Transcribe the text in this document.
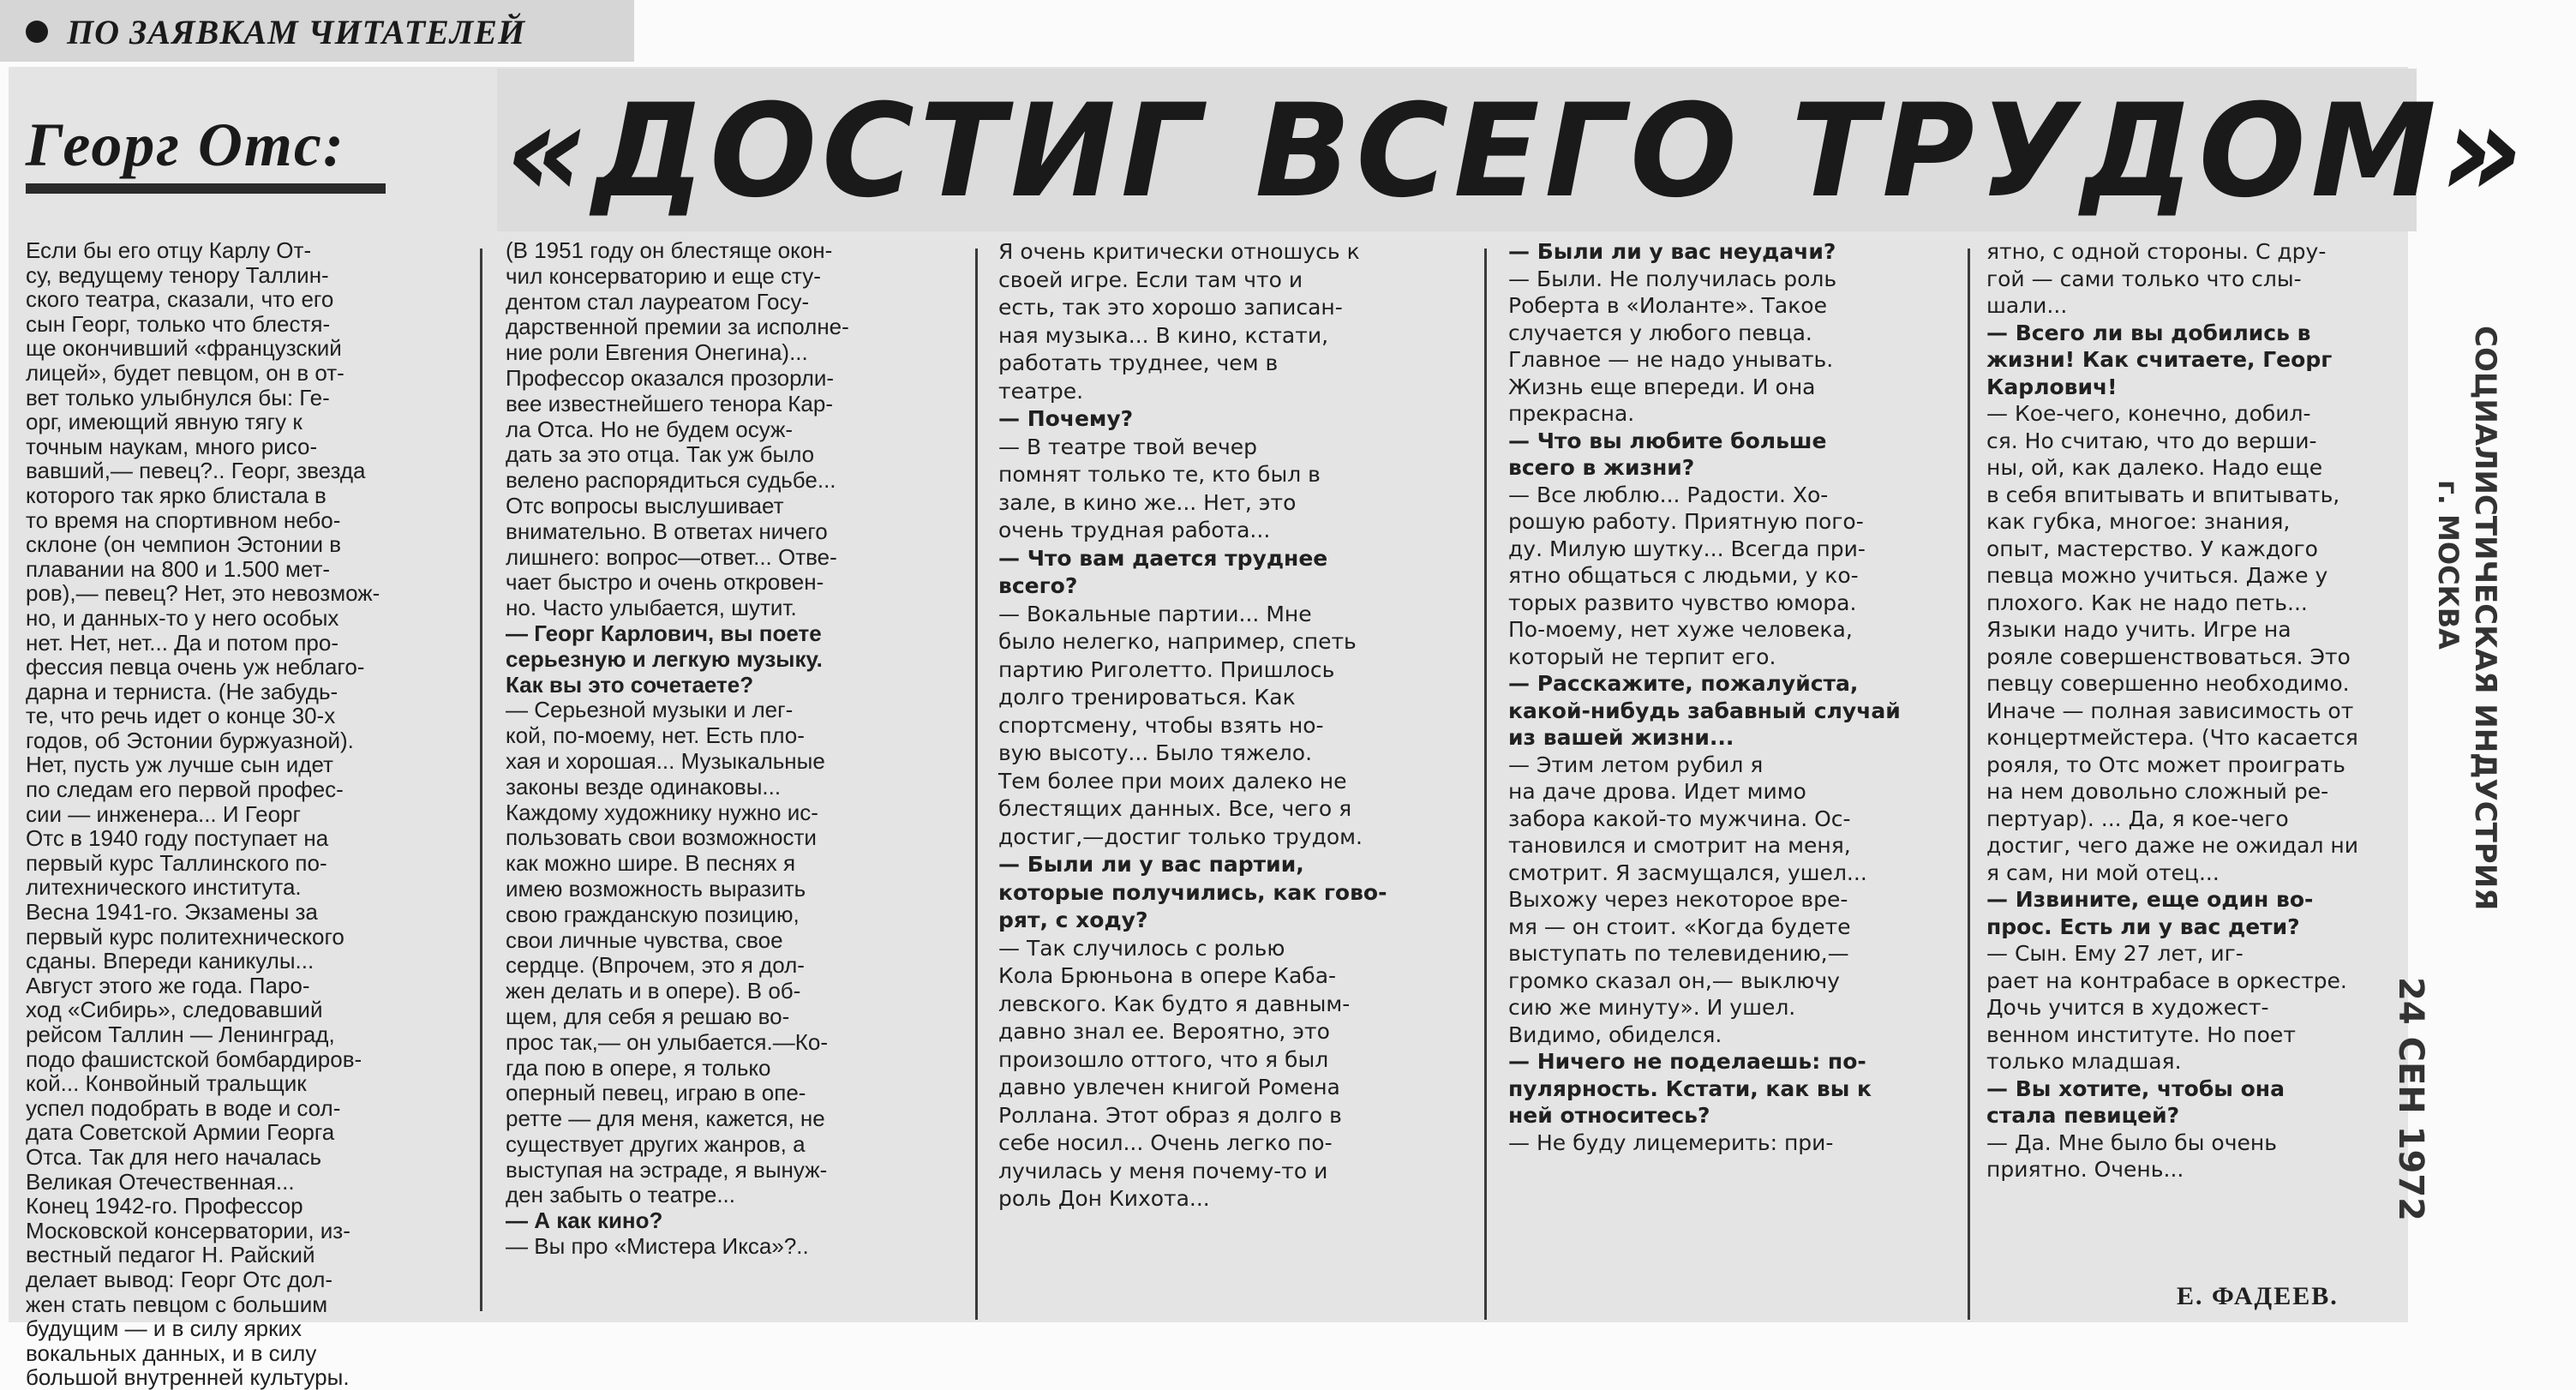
ПО ЗАЯВКАМ ЧИТАТЕЛЕЙ
Георг Отс: «ДОСТИГ ВСЕГО ТРУДОМ»
Если бы его отцу Карлу От-
су, ведущему тенору Таллин-
ского театра, сказали, что его
сын Георг, только что блестя-
ще окончивший «французский
лицей», будет певцом, он в от-
вет только улыбнулся бы: Ге-
орг, имеющий явную тягу к
точным наукам, много рисо-
вавший,— певец?.. Георг, звезда
которого так ярко блистала в
то время на спортивном небо-
склоне (он чемпион Эстонии в
плавании на 800 и 1.500 мет-
ров),— певец? Нет, это невозмож-
но, и данных-то у него особых
нет. Нет, нет... Да и потом про-
фессия певца очень уж неблаго-
дарна и терниста. (Не забудь-
те, что речь идет о конце 30-х
годов, об Эстонии буржуазной).
Нет, пусть уж лучше сын идет
по следам его первой профес-
сии — инженера... И Георг
Отс в 1940 году поступает на
первый курс Таллинского по-
литехнического института.
Весна 1941-го. Экзамены за
первый курс политехнического
сданы. Впереди каникулы...
Август этого же года. Паро-
ход «Сибирь», следовавший
рейсом Таллин — Ленинград,
подо фашистской бомбардиров-
кой... Конвойный тральщик
успел подобрать в воде и сол-
дата Советской Армии Георга
Отса. Так для него началась
Великая Отечественная...
Конец 1942-го. Профессор
Московской консерватории, из-
вестный педагог Н. Райский
делает вывод: Георг Отс дол-
жен стать певцом с большим
будущим — и в силу ярких
вокальных данных, и в силу
большой внутренней культуры.
(В 1951 году он блестяще окон-
чил консерваторию и еще сту-
дентом стал лауреатом Госу-
дарственной премии за исполне-
ние роли Евгения Онегина)...
Профессор оказался прозорли-
вее известнейшего тенора Кар-
ла Отса. Но не будем осуж-
дать за это отца. Так уж было
велено распорядиться судьбе...
Отс вопросы выслушивает
внимательно. В ответах ничего
лишнего: вопрос—ответ... Отве-
чает быстро и очень откровен-
но. Часто улыбается, шутит.
— Георг Карлович, вы поете
серьезную и легкую музыку.
Как вы это сочетаете?
— Серьезной музыки и лег-
кой, по-моему, нет. Есть пло-
хая и хорошая... Музыкальные
законы везде одинаковы...
Каждому художнику нужно ис-
пользовать свои возможности
как можно шире. В песнях я
имею возможность выразить
свою гражданскую позицию,
свои личные чувства, свое
сердце. (Впрочем, это я дол-
жен делать и в опере). В об-
щем, для себя я решаю во-
прос так,— он улыбается.—Ко-
гда пою в опере, я только
оперный певец, играю в опе-
ретте — для меня, кажется, не
существует других жанров, а
выступая на эстраде, я вынуж-
ден забыть о театре...
— А как кино?
— Вы про «Мистера Икса»?..
Я очень критически отношусь к
своей игре. Если там что и
есть, так это хорошо записан-
ная музыка... В кино, кстати,
работать труднее, чем в
театре.
— Почему?
— В театре твой вечер
помнят только те, кто был в
зале, в кино же... Нет, это
очень трудная работа...
— Что вам дается труднее
всего?
— Вокальные партии... Мне
было нелегко, например, спеть
партию Риголетто. Пришлось
долго тренироваться. Как
спортсмену, чтобы взять но-
вую высоту... Было тяжело.
Тем более при моих далеко не
блестящих данных. Все, чего я
достиг,—достиг только трудом.
— Были ли у вас партии,
которые получились, как гово-
рят, с ходу?
— Так случилось с ролью
Кола Брюньона в опере Каба-
левского. Как будто я давным-
давно знал ее. Вероятно, это
произошло оттого, что я был
давно увлечен книгой Ромена
Роллана. Этот образ я долго в
себе носил... Очень легко по-
лучилась у меня почему-то и
роль Дон Кихота...
— Были ли у вас неудачи?
— Были. Не получилась роль
Роберта в «Иоланте». Такое
случается у любого певца.
Главное — не надо унывать.
Жизнь еще впереди. И она
прекрасна.
— Что вы любите больше
всего в жизни?
— Все люблю... Радости. Хо-
рошую работу. Приятную пого-
ду. Милую шутку... Всегда при-
ятно общаться с людьми, у ко-
торых развито чувство юмора.
По-моему, нет хуже человека,
который не терпит его.
— Расскажите, пожалуйста,
какой-нибудь забавный случай
из вашей жизни...
— Этим летом рубил я
на даче дрова. Идет мимо
забора какой-то мужчина. Ос-
тановился и смотрит на меня,
смотрит. Я засмущался, ушел...
Выхожу через некоторое вре-
мя — он стоит. «Когда будете
выступать по телевидению,—
громко сказал он,— выключу
сию же минуту». И ушел.
Видимо, обиделся.
— Ничего не поделаешь: по-
пулярность. Кстати, как вы к
ней относитесь?
— Не буду лицемерить: при-
ятно, с одной стороны. С дру-
гой — сами только что слы-
шали...
— Всего ли вы добились в
жизни! Как считаете, Георг
Карлович!
— Кое-чего, конечно, добил-
ся. Но считаю, что до верши-
ны, ой, как далеко. Надо еще
в себя впитывать и впитывать,
как губка, многое: знания,
опыт, мастерство. У каждого
певца можно учиться. Даже у
плохого. Как не надо петь...
Языки надо учить. Игре на
рояле совершенствоваться. Это
певцу совершенно необходимо.
Иначе — полная зависимость от
концертмейстера. (Что касается
рояля, то Отс может проиграть
на нем довольно сложный ре-
пертуар). ... Да, я кое-чего
достиг, чего даже не ожидал ни
я сам, ни мой отец...
— Извините, еще один во-
прос. Есть ли у вас дети?
— Сын. Ему 27 лет, иг-
рает на контрабасе в оркестре.
Дочь учится в художест-
венном институте. Но поет
только младшая.
— Вы хотите, чтобы она
стала певицей?
— Да. Мне было бы очень
приятно. Очень...
Е. ФАДЕЕВ.
СОЦИАЛИСТИЧЕСКАЯ ИНДУСТРИЯ
г. МОСКВА
24 СЕН 1972
